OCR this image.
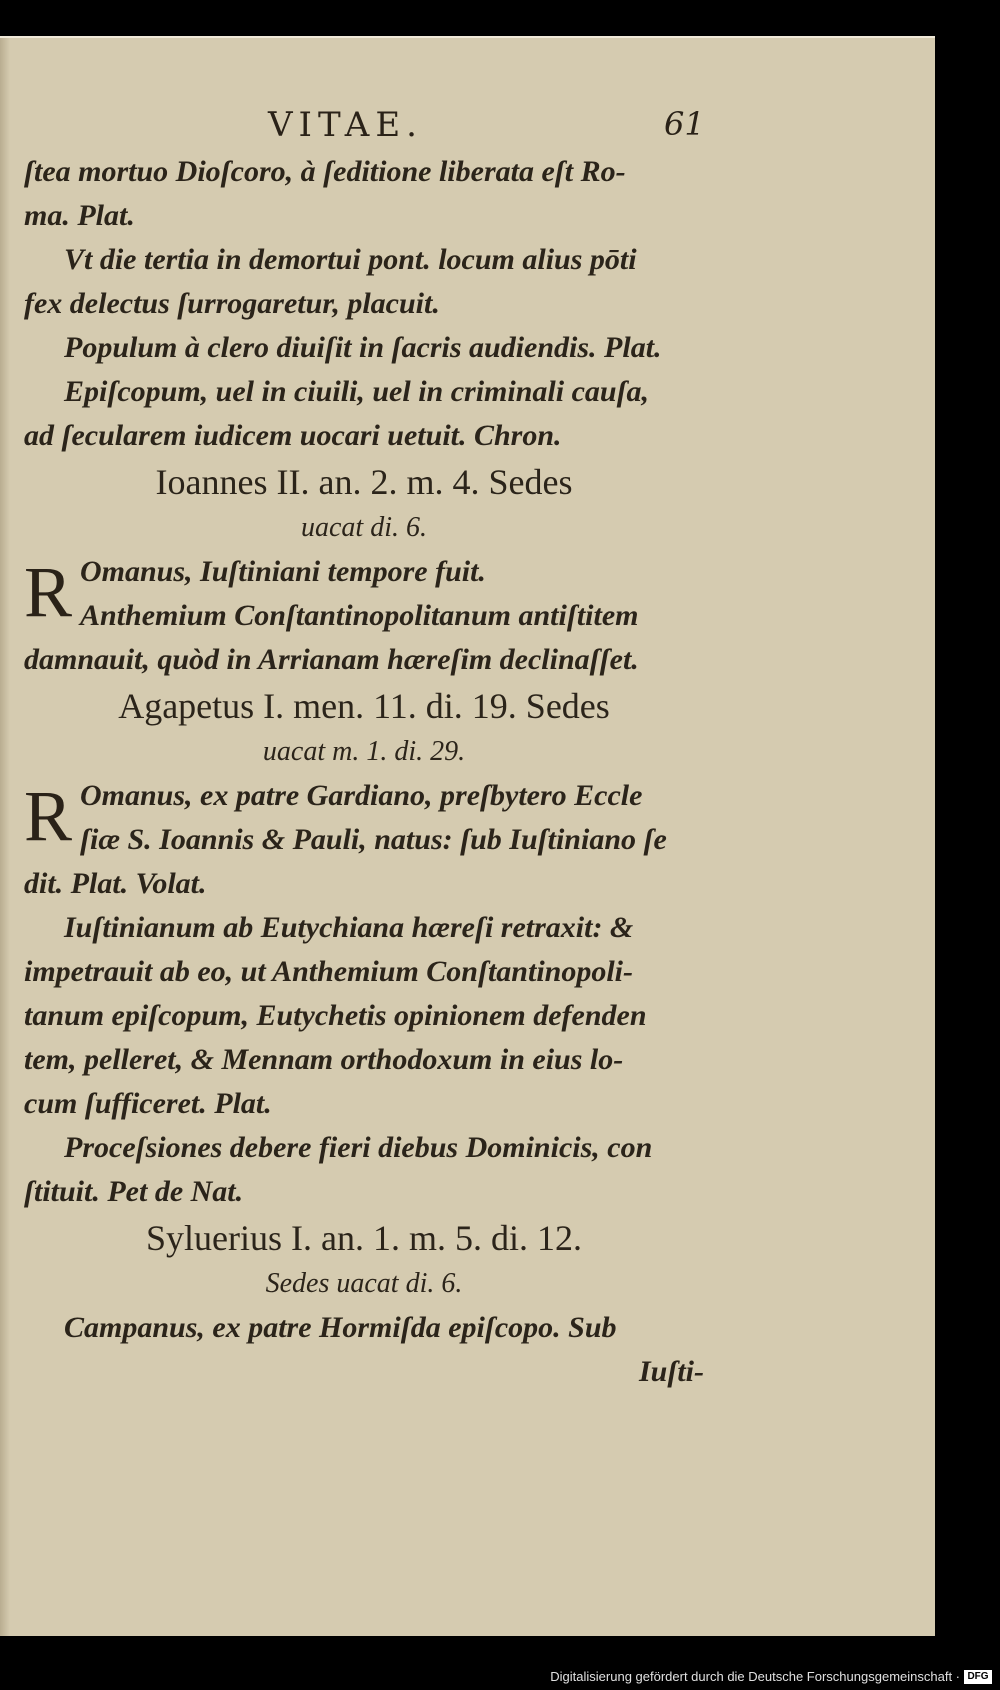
VITAE.	61
ſtea mortuo Dioſcoro, à ſeditione liberata eſt Ro-
ma. Plat.
Vt die tertia in demortui pont. locum alius pōti
fex delectus ſurrogaretur, placuit.
Populum à clero diuiſit in ſacris audiendis. Plat.
Epiſcopum, uel in ciuili, uel in criminali cauſa,
ad ſecularem iudicem uocari uetuit. Chron.
Ioannes II. an. 2. m. 4. Sedes
uacat di. 6.
R Omanus, Iuſtiniani tempore fuit.
Anthemium Conſtantinopolitanum antiſtitem
damnauit, quòd in Arrianam hæreſim declinaſſet.
Agapetus I. men. 11. di. 19. Sedes
uacat m. 1. di. 29.
R Omanus, ex patre Gardiano, preſbytero Eccle
ſiæ S. Ioannis & Pauli, natus: ſub Iuſtiniano ſe
dit. Plat. Volat.
Iuſtinianum ab Eutychiana hæreſi retraxit: &
impetrauit ab eo, ut Anthemium Conſtantinopoli-
tanum epiſcopum, Eutychetis opinionem defenden
tem, pelleret, & Mennam orthodoxum in eius lo-
cum ſufficeret. Plat.
Proceſsiones debere fieri diebus Dominicis, con
ſtituit. Pet de Nat.
Syluerius I. an. 1. m. 5. di. 12.
Sedes uacat di. 6.
Campanus, ex patre Hormiſda epiſcopo. Sub
Iuſti-
Digitalisierung gefördert durch die Deutsche Forschungsgemeinschaft · DFG
